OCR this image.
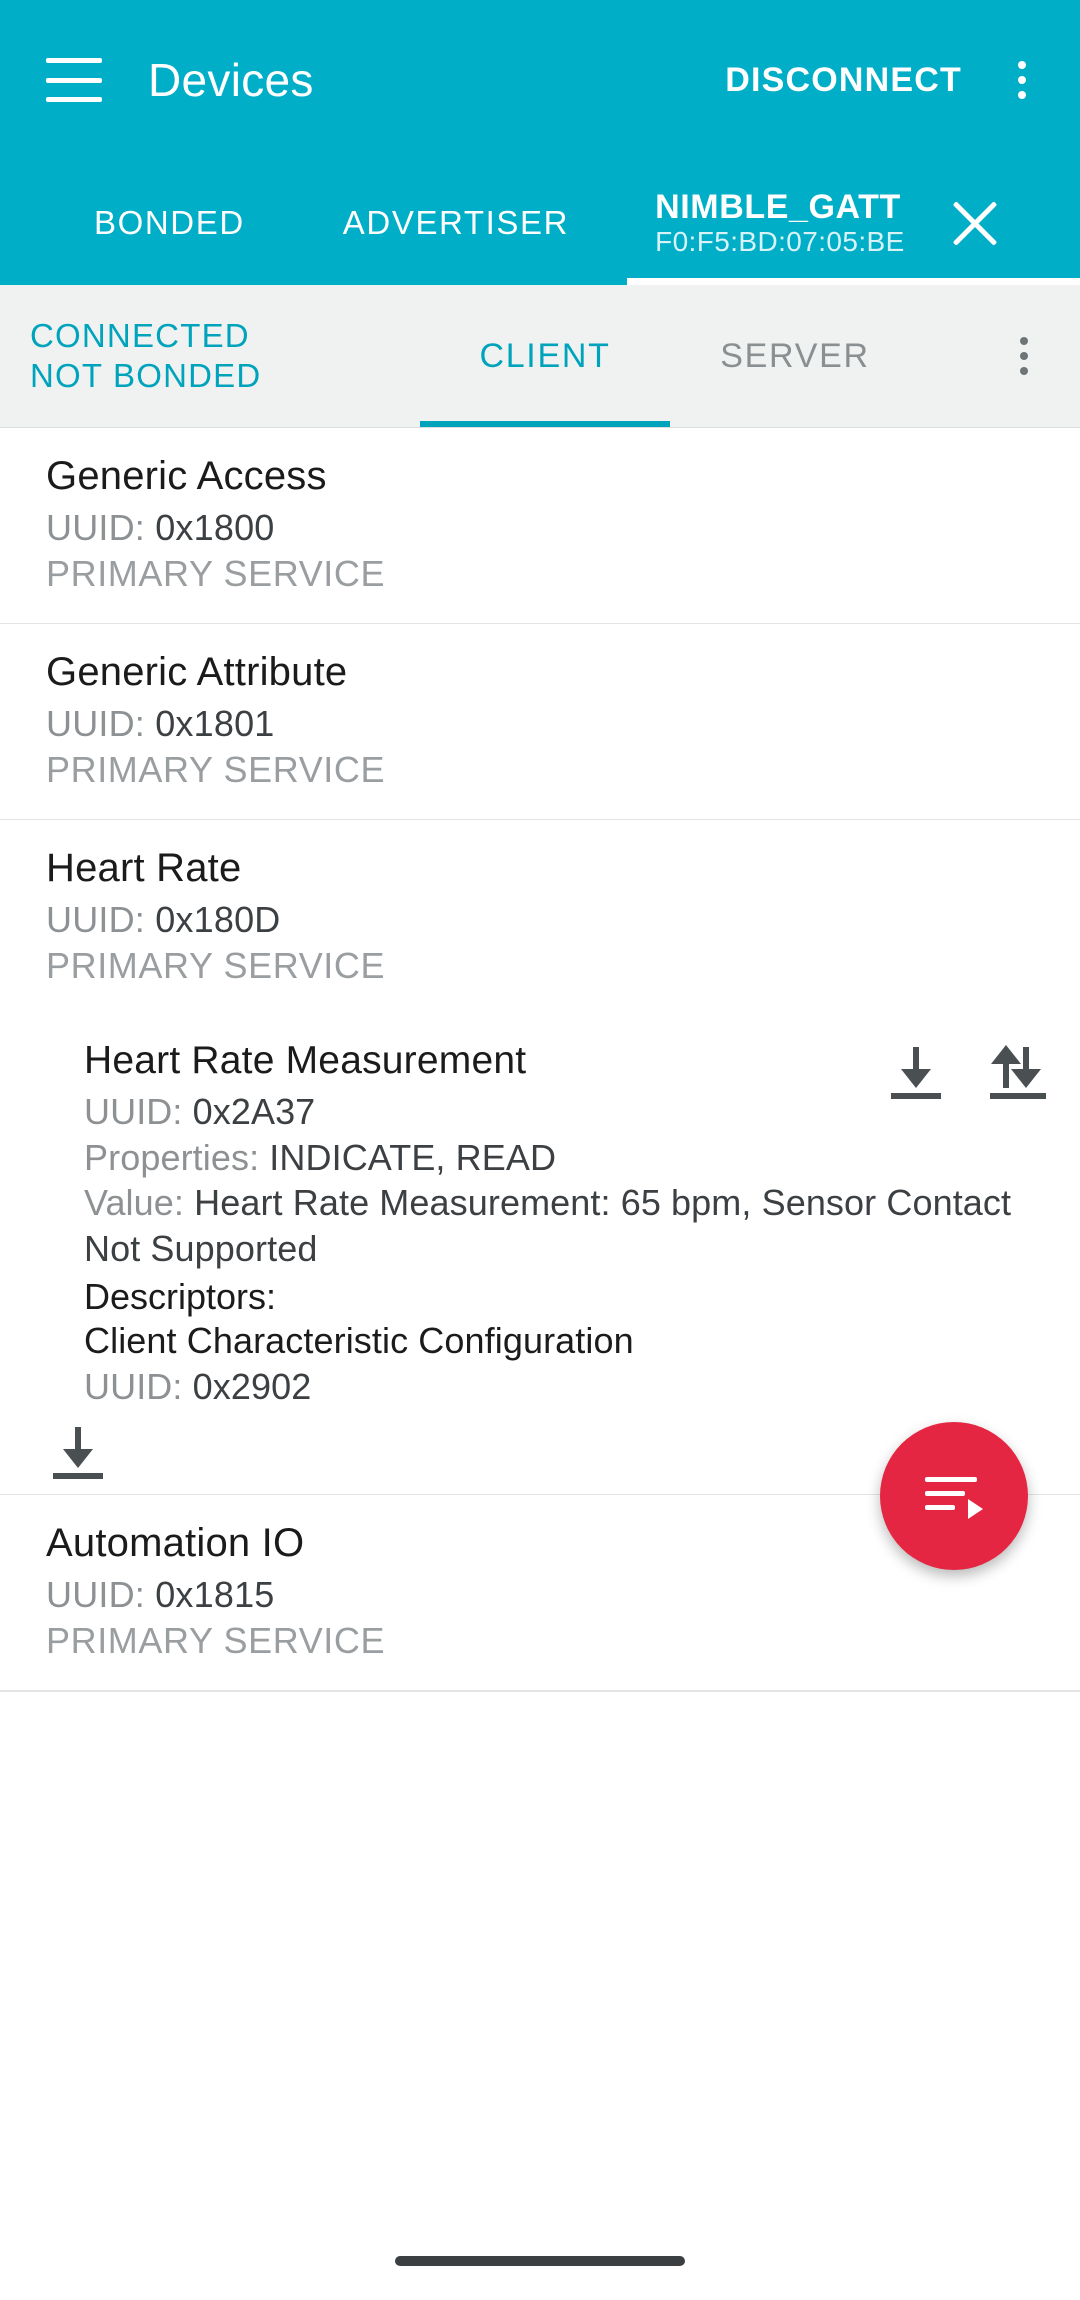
Devices	DISCONNECT
BONDED	ADVERTISER	NIMBLE_GATT
F0:F5:BD:07:05:BE
CONNECTED
NOT BONDED
CLIENT	SERVER
Generic Access
UUID: 0x1800
PRIMARY SERVICE
Generic Attribute
UUID: 0x1801
PRIMARY SERVICE
Heart Rate
UUID: 0x180D
PRIMARY SERVICE
Heart Rate Measurement
UUID: 0x2A37
Properties: INDICATE, READ
Value: Heart Rate Measurement: 65 bpm, Sensor Contact Not Supported
Descriptors:
Client Characteristic Configuration
UUID: 0x2902
Automation IO
UUID: 0x1815
PRIMARY SERVICE
